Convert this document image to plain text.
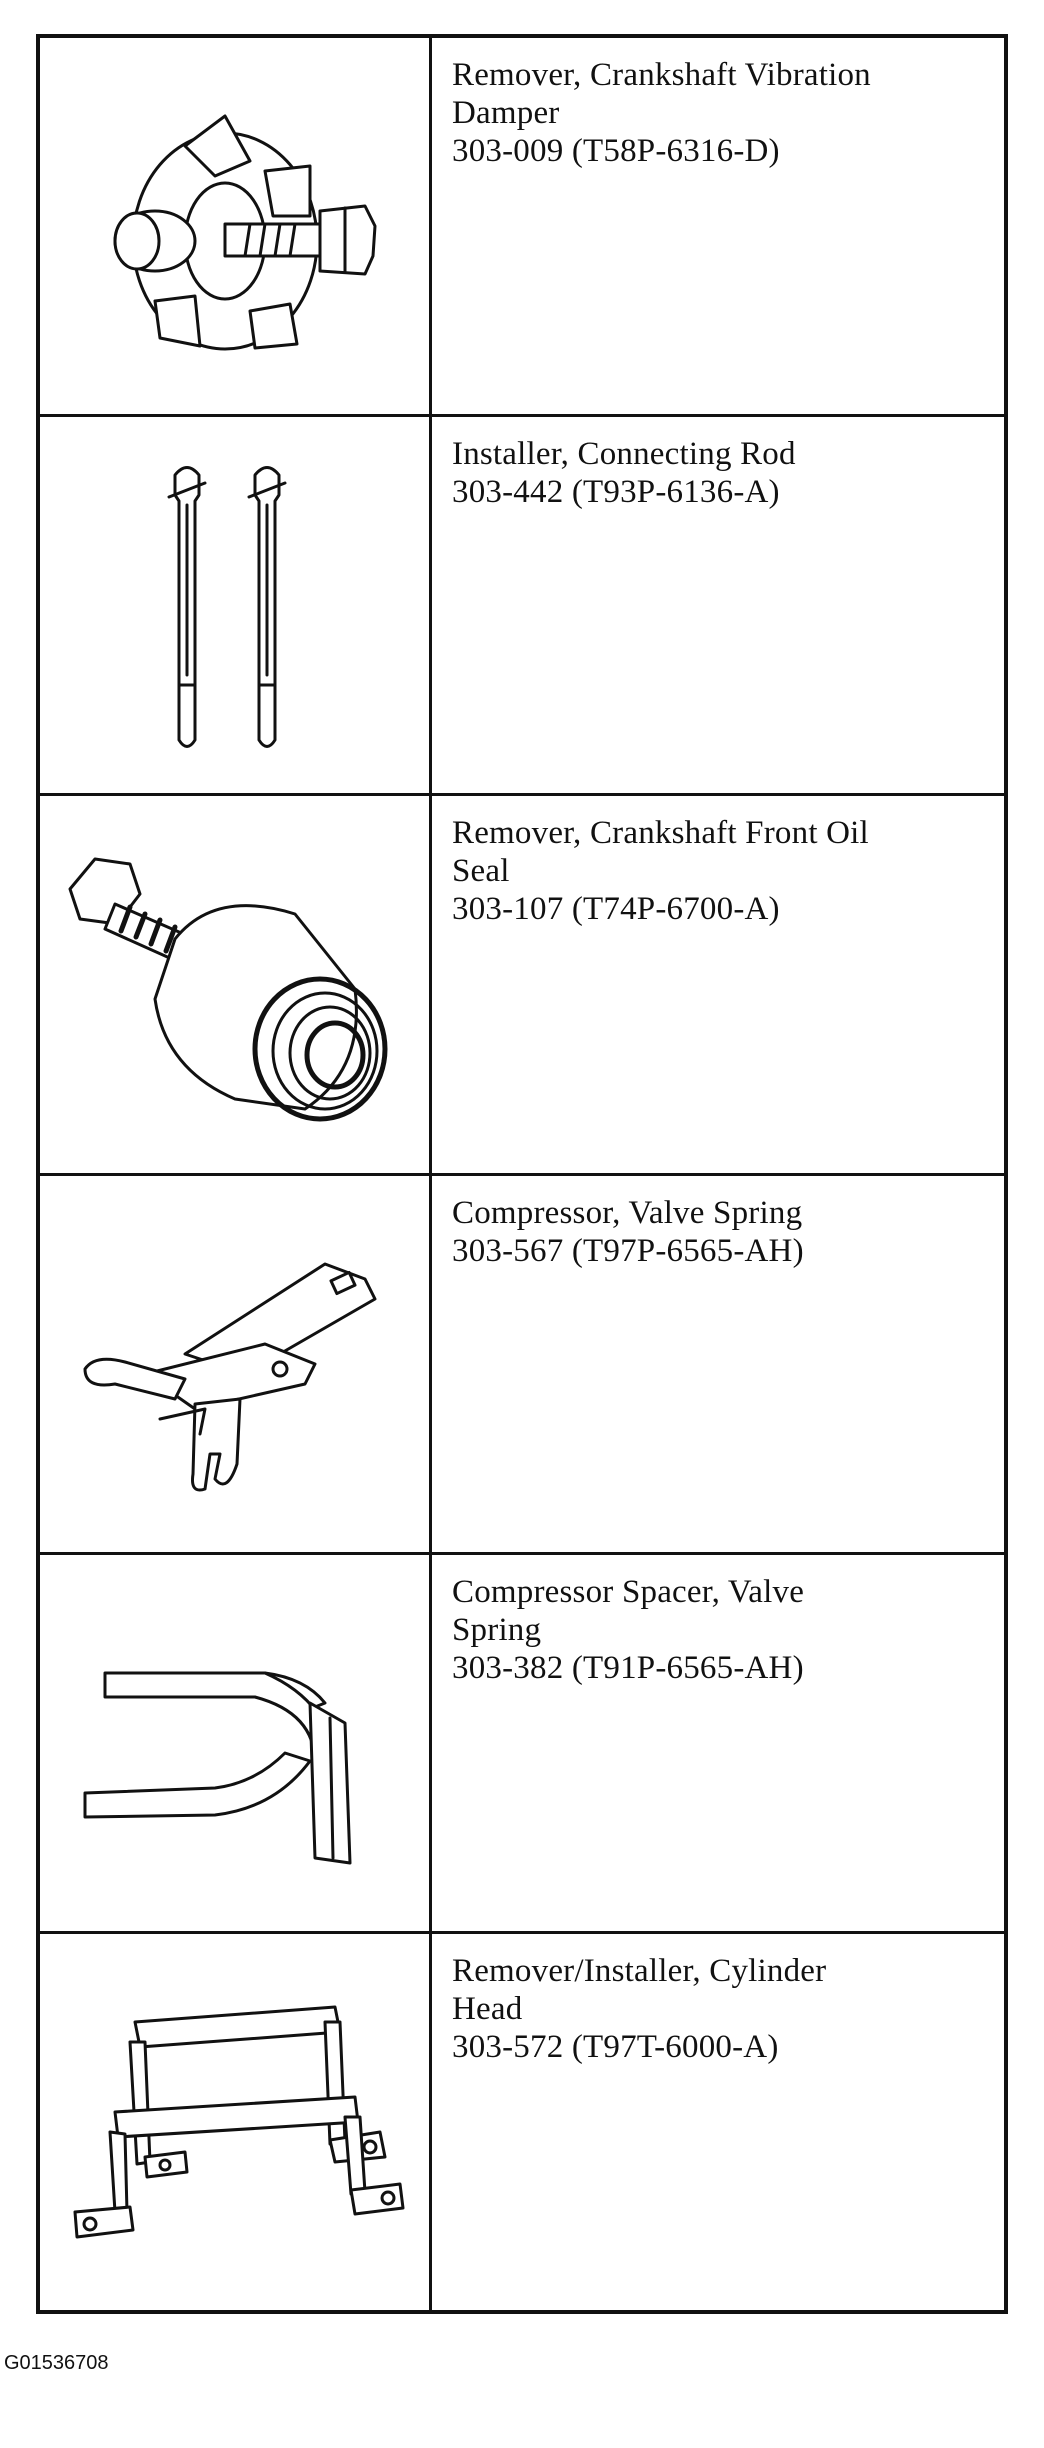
Remover, Crankshaft Vibration
Damper
303-009 (T58P-6316-D)
Installer, Connecting Rod
303-442 (T93P-6136-A)
Remover, Crankshaft Front Oil
Seal
303-107 (T74P-6700-A)
Compressor, Valve Spring
303-567 (T97P-6565-AH)
Compressor Spacer, Valve
Spring
303-382 (T91P-6565-AH)
Remover/Installer, Cylinder
Head
303-572 (T97T-6000-A)
G01536708
